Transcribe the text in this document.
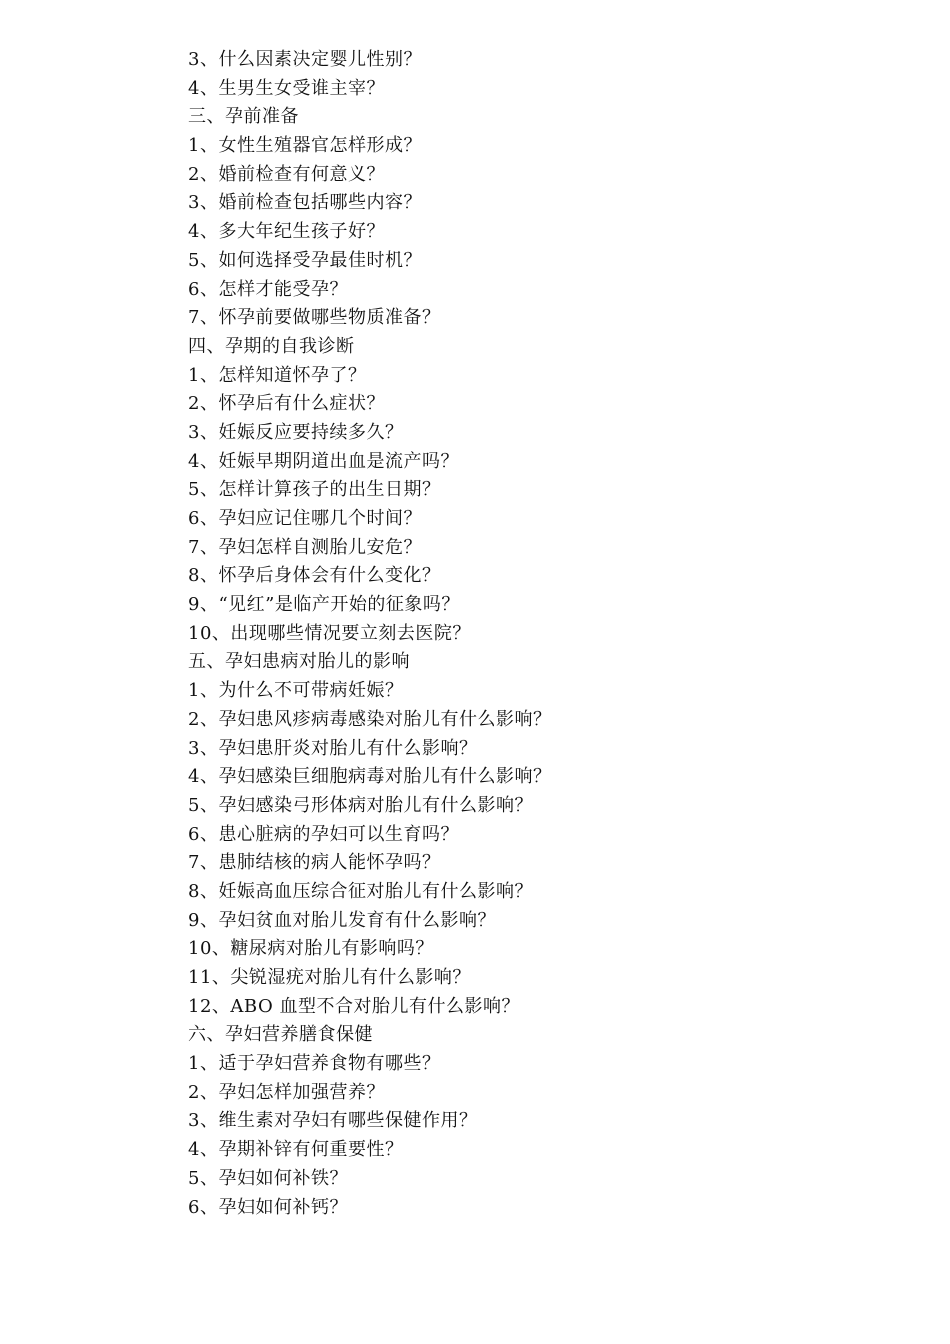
3、什么因素决定婴儿性别？
4、生男生女受谁主宰？
三、孕前准备
1、女性生殖器官怎样形成？
2、婚前检查有何意义？
3、婚前检查包括哪些内容？
4、多大年纪生孩子好？
5、如何选择受孕最佳时机？
6、怎样才能受孕？
7、怀孕前要做哪些物质准备？
四、孕期的自我诊断
1、怎样知道怀孕了？
2、怀孕后有什么症状？
3、妊娠反应要持续多久？
4、妊娠早期阴道出血是流产吗？
5、怎样计算孩子的出生日期？
6、孕妇应记住哪几个时间？
7、孕妇怎样自测胎儿安危？
8、怀孕后身体会有什么变化？
9、“见红”是临产开始的征象吗？
10、出现哪些情况要立刻去医院？
五、孕妇患病对胎儿的影响
1、为什么不可带病妊娠？
2、孕妇患风疹病毒感染对胎儿有什么影响？
3、孕妇患肝炎对胎儿有什么影响？
4、孕妇感染巨细胞病毒对胎儿有什么影响？
5、孕妇感染弓形体病对胎儿有什么影响？
6、患心脏病的孕妇可以生育吗？
7、患肺结核的病人能怀孕吗？
8、妊娠高血压综合征对胎儿有什么影响？
9、孕妇贫血对胎儿发育有什么影响？
10、糖尿病对胎儿有影响吗？
11、尖锐湿疣对胎儿有什么影响？
12、ABO 血型不合对胎儿有什么影响？
六、孕妇营养膳食保健
1、适于孕妇营养食物有哪些？
2、孕妇怎样加强营养？
3、维生素对孕妇有哪些保健作用？
4、孕期补锌有何重要性？
5、孕妇如何补铁？
6、孕妇如何补钙？
